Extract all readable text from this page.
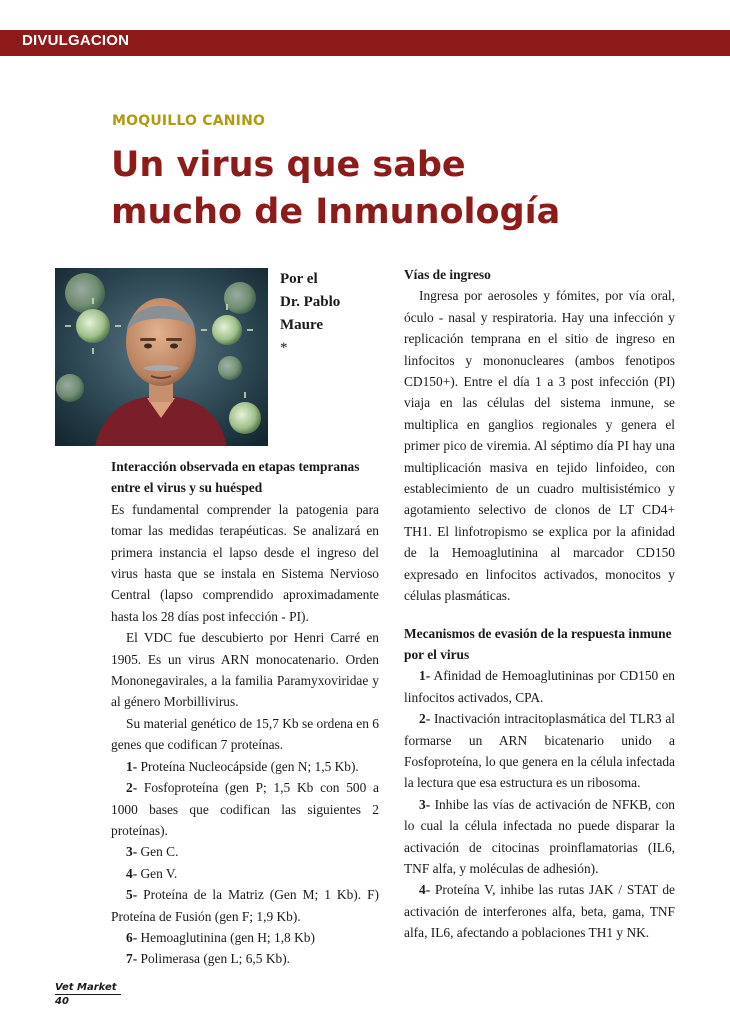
DIVULGACION
MOQUILLO CANINO
Un virus que sabe
mucho de Inmunología
Por el
Dr. Pablo
Maure
*
Interacción observada en etapas tempranas entre el virus y su huésped

Es fundamental comprender la patogenia para tomar las medidas terapéuticas. Se analizará en primera instancia el lapso desde el ingreso del virus hasta que se instala en Sistema Nervioso Central (lapso comprendido aproximadamente hasta los 28 días post infección - PI).

El VDC fue descubierto por Henri Carré en 1905. Es un virus ARN monocatenario. Orden Mononegavirales, a la familia Paramyxoviridae y al género Morbillivirus.

Su material genético de 15,7 Kb se ordena en 6 genes que codifican 7 proteínas.

1- Proteína Nucleocápside (gen N; 1,5 Kb).

2- Fosfoproteína (gen P; 1,5 Kb con 500 a 1000 bases que codifican las siguientes 2 proteínas).

3- Gen C.

4- Gen V.

5- Proteína de la Matriz (Gen M; 1 Kb). F) Proteína de Fusión (gen F; 1,9 Kb).

6- Hemoaglutinina (gen H; 1,8 Kb)

7- Polimerasa (gen L; 6,5 Kb).

Vías de ingreso

Ingresa por aerosoles y fómites, por vía oral, óculo - nasal y respiratoria. Hay una infección y replicación temprana en el sitio de ingreso en linfocitos y mononucleares (ambos fenotipos CD150+). Entre el día 1 a 3 post infección (PI) viaja en las células del sistema inmune, se multiplica en ganglios regionales y genera el primer pico de viremia. Al séptimo día PI hay una multiplicación masiva en tejido linfoideo, con establecimiento de un cuadro multisistémico y agotamiento selectivo de clonos de LT CD4+ TH1. El linfotropismo se explica por la afinidad de la Hemoaglutinina al marcador CD150 expresado en linfocitos activados, monocitos y células plasmáticas.

Mecanismos de evasión de la respuesta inmune por el virus

1- Afinidad de Hemoaglutininas por CD150 en linfocitos activados, CPA.

2- Inactivación intracitoplasmática del TLR3 al formarse un ARN bicatenario unido a Fosfoproteína, lo que genera en la célula infectada la lectura que esa estructura es un ribosoma.

3- Inhibe las vías de activación de NFKB, con lo cual la célula infectada no puede disparar la activación de citocinas proinflamatorias (IL6, TNF alfa, y moléculas de adhesión).

4- Proteína V, inhibe las rutas JAK / STAT de activación de interferones alfa, beta, gama, TNF alfa, IL6, afectando a poblaciones TH1 y NK.

Vet Market
40
